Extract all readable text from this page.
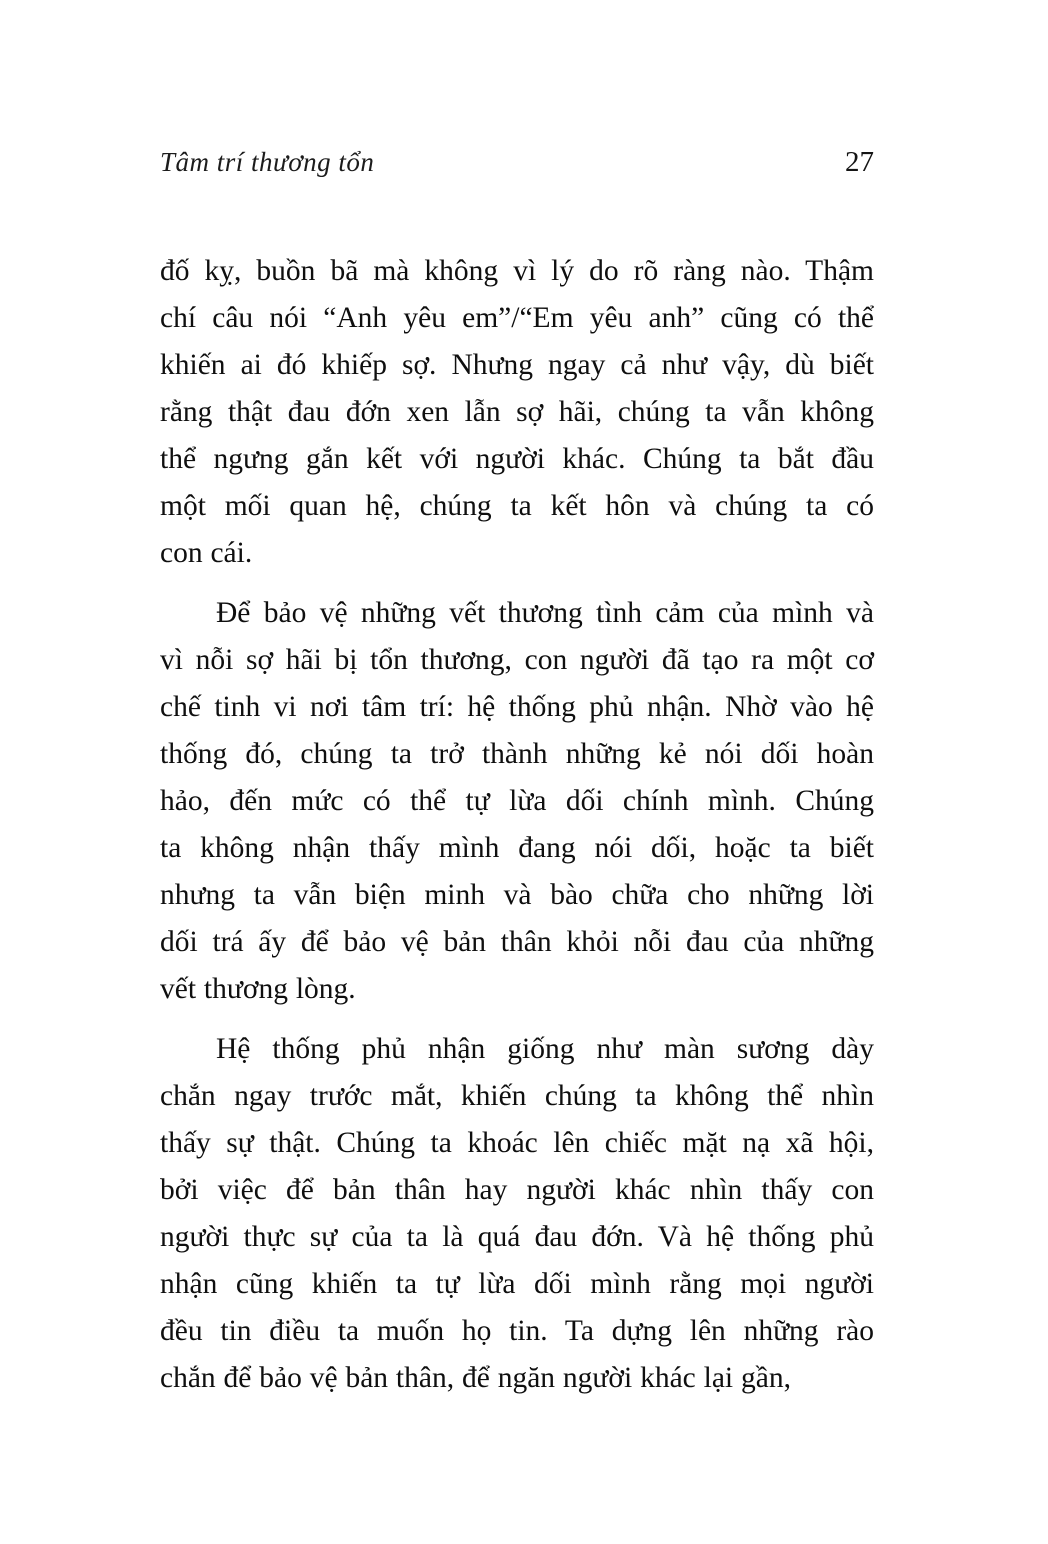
Tâm trí thương tổn	27
đố kỵ, buồn bã mà không vì lý do rõ ràng nào. Thậm
chí câu nói “Anh yêu em”/“Em yêu anh” cũng có thể
khiến ai đó khiếp sợ. Nhưng ngay cả như vậy, dù biết
rằng thật đau đớn xen lẫn sợ hãi, chúng ta vẫn không
thể ngưng gắn kết với người khác. Chúng ta bắt đầu
một mối quan hệ, chúng ta kết hôn và chúng ta có
con cái.
Để bảo vệ những vết thương tình cảm của mình và
vì nỗi sợ hãi bị tổn thương, con người đã tạo ra một cơ
chế tinh vi nơi tâm trí: hệ thống phủ nhận. Nhờ vào hệ
thống đó, chúng ta trở thành những kẻ nói dối hoàn
hảo, đến mức có thể tự lừa dối chính mình. Chúng
ta không nhận thấy mình đang nói dối, hoặc ta biết
nhưng ta vẫn biện minh và bào chữa cho những lời
dối trá ấy để bảo vệ bản thân khỏi nỗi đau của những
vết thương lòng.
Hệ thống phủ nhận giống như màn sương dày
chắn ngay trước mắt, khiến chúng ta không thể nhìn
thấy sự thật. Chúng ta khoác lên chiếc mặt nạ xã hội,
bởi việc để bản thân hay người khác nhìn thấy con
người thực sự của ta là quá đau đớn. Và hệ thống phủ
nhận cũng khiến ta tự lừa dối mình rằng mọi người
đều tin điều ta muốn họ tin. Ta dựng lên những rào
chắn để bảo vệ bản thân, để ngăn người khác lại gần,
